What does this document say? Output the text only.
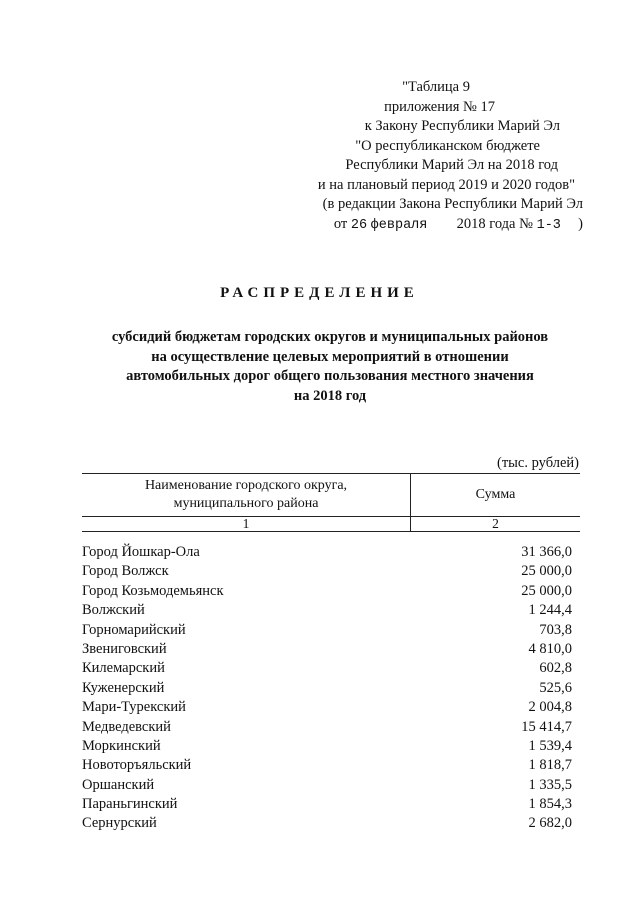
"Таблица 9
приложения № 17
к Закону Республики Марий Эл
"О республиканском бюджете
Республики Марий Эл на 2018 год
и на плановый период 2019 и 2020 годов"
(в редакции Закона Республики Марий Эл
от 26 февраля 2018 года № 1-3 )
РАСПРЕДЕЛЕНИЕ
субсидий бюджетам городских округов и муниципальных районов
на осуществление целевых мероприятий в отношении
автомобильных дорог общего пользования местного значения
на 2018 год
(тыс. рублей)
Наименование городского округа,
муниципального района	Сумма
1	2
Город Йошкар-Ола	31 366,0
Город Волжск	25 000,0
Город Козьмодемьянск	25 000,0
Волжский	1 244,4
Горномарийский	703,8
Звениговский	4 810,0
Килемарский	602,8
Куженерский	525,6
Мари-Турекский	2 004,8
Медведевский	15 414,7
Моркинский	1 539,4
Новоторъяльский	1 818,7
Оршанский	1 335,5
Параньгинский	1 854,3
Сернурский	2 682,0
